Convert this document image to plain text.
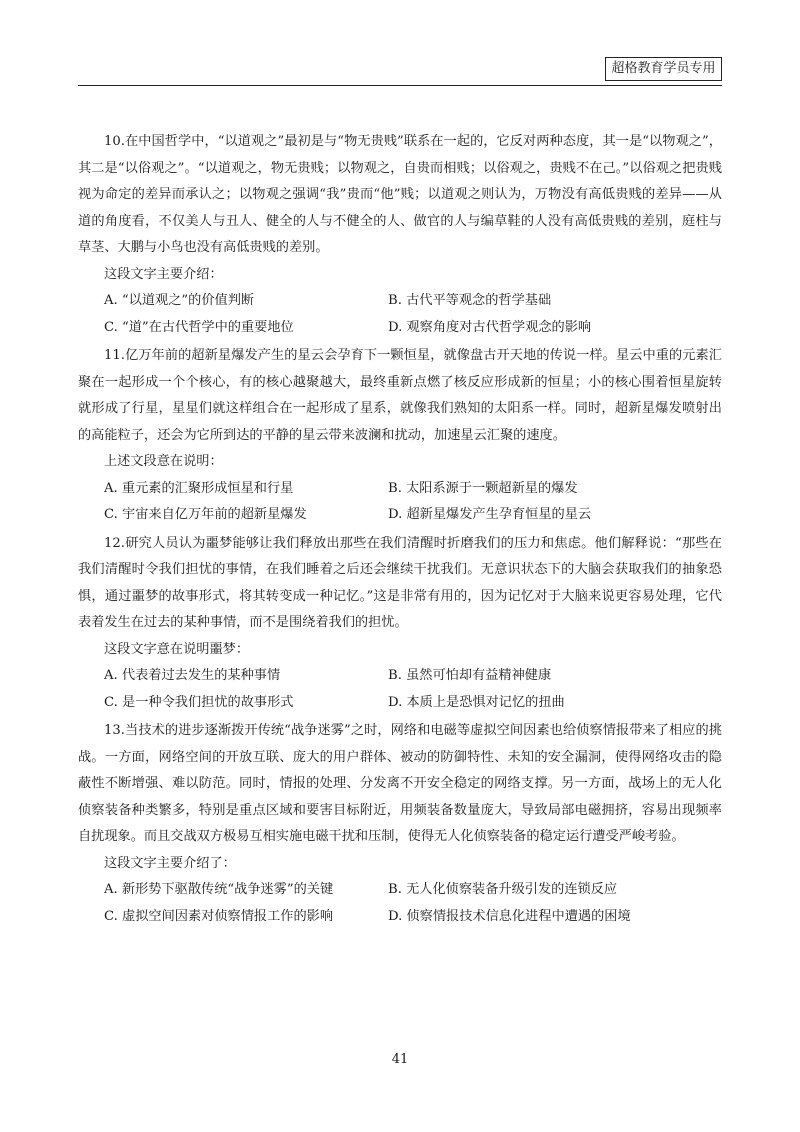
超格教育学员专用

10.在中国哲学中，“以道观之”最初是与“物无贵贱”联系在一起的，它反对两种态度，其一是“以物观之”，其二是“以俗观之”。“以道观之，物无贵贱；以物观之，自贵而相贱；以俗观之，贵贱不在己。”以俗观之把贵贱视为命定的差异而承认之；以物观之强调“我”贵而“他”贱；以道观之则认为，万物没有高低贵贱的差异——从道的角度看，不仅美人与丑人、健全的人与不健全的人、做官的人与编草鞋的人没有高低贵贱的差别，庭柱与草茎、大鹏与小鸟也没有高低贵贱的差别。

这段文字主要介绍：

A. “以道观之”的价值判断	B. 古代平等观念的哲学基础
C. “道”在古代哲学中的重要地位	D. 观察角度对古代哲学观念的影响

11.亿万年前的超新星爆发产生的星云会孕育下一颗恒星，就像盘古开天地的传说一样。星云中重的元素汇聚在一起形成一个个核心，有的核心越聚越大，最终重新点燃了核反应形成新的恒星；小的核心围着恒星旋转就形成了行星，星星们就这样组合在一起形成了星系，就像我们熟知的太阳系一样。同时，超新星爆发喷射出的高能粒子，还会为它所到达的平静的星云带来波澜和扰动，加速星云汇聚的速度。

上述文段意在说明：

A. 重元素的汇聚形成恒星和行星	B. 太阳系源于一颗超新星的爆发
C. 宇宙来自亿万年前的超新星爆发	D. 超新星爆发产生孕育恒星的星云

12.研究人员认为噩梦能够让我们释放出那些在我们清醒时折磨我们的压力和焦虑。他们解释说：“那些在我们清醒时令我们担忧的事情，在我们睡着之后还会继续干扰我们。无意识状态下的大脑会获取我们的抽象恐惧，通过噩梦的故事形式，将其转变成一种记忆。”这是非常有用的，因为记忆对于大脑来说更容易处理，它代表着发生在过去的某种事情，而不是围绕着我们的担忧。

这段文字意在说明噩梦：

A. 代表着过去发生的某种事情	B. 虽然可怕却有益精神健康
C. 是一种令我们担忧的故事形式	D. 本质上是恐惧对记忆的扭曲

13.当技术的进步逐渐拨开传统“战争迷雾”之时，网络和电磁等虚拟空间因素也给侦察情报带来了相应的挑战。一方面，网络空间的开放互联、庞大的用户群体、被动的防御特性、未知的安全漏洞，使得网络攻击的隐蔽性不断增强、难以防范。同时，情报的处理、分发离不开安全稳定的网络支撑。另一方面，战场上的无人化侦察装备种类繁多，特别是重点区域和要害目标附近，用频装备数量庞大，导致局部电磁拥挤，容易出现频率自扰现象。而且交战双方极易互相实施电磁干扰和压制，使得无人化侦察装备的稳定运行遭受严峻考验。

这段文字主要介绍了：

A. 新形势下驱散传统“战争迷雾”的关键	B. 无人化侦察装备升级引发的连锁反应
C. 虚拟空间因素对侦察情报工作的影响	D. 侦察情报技术信息化进程中遭遇的困境
41
